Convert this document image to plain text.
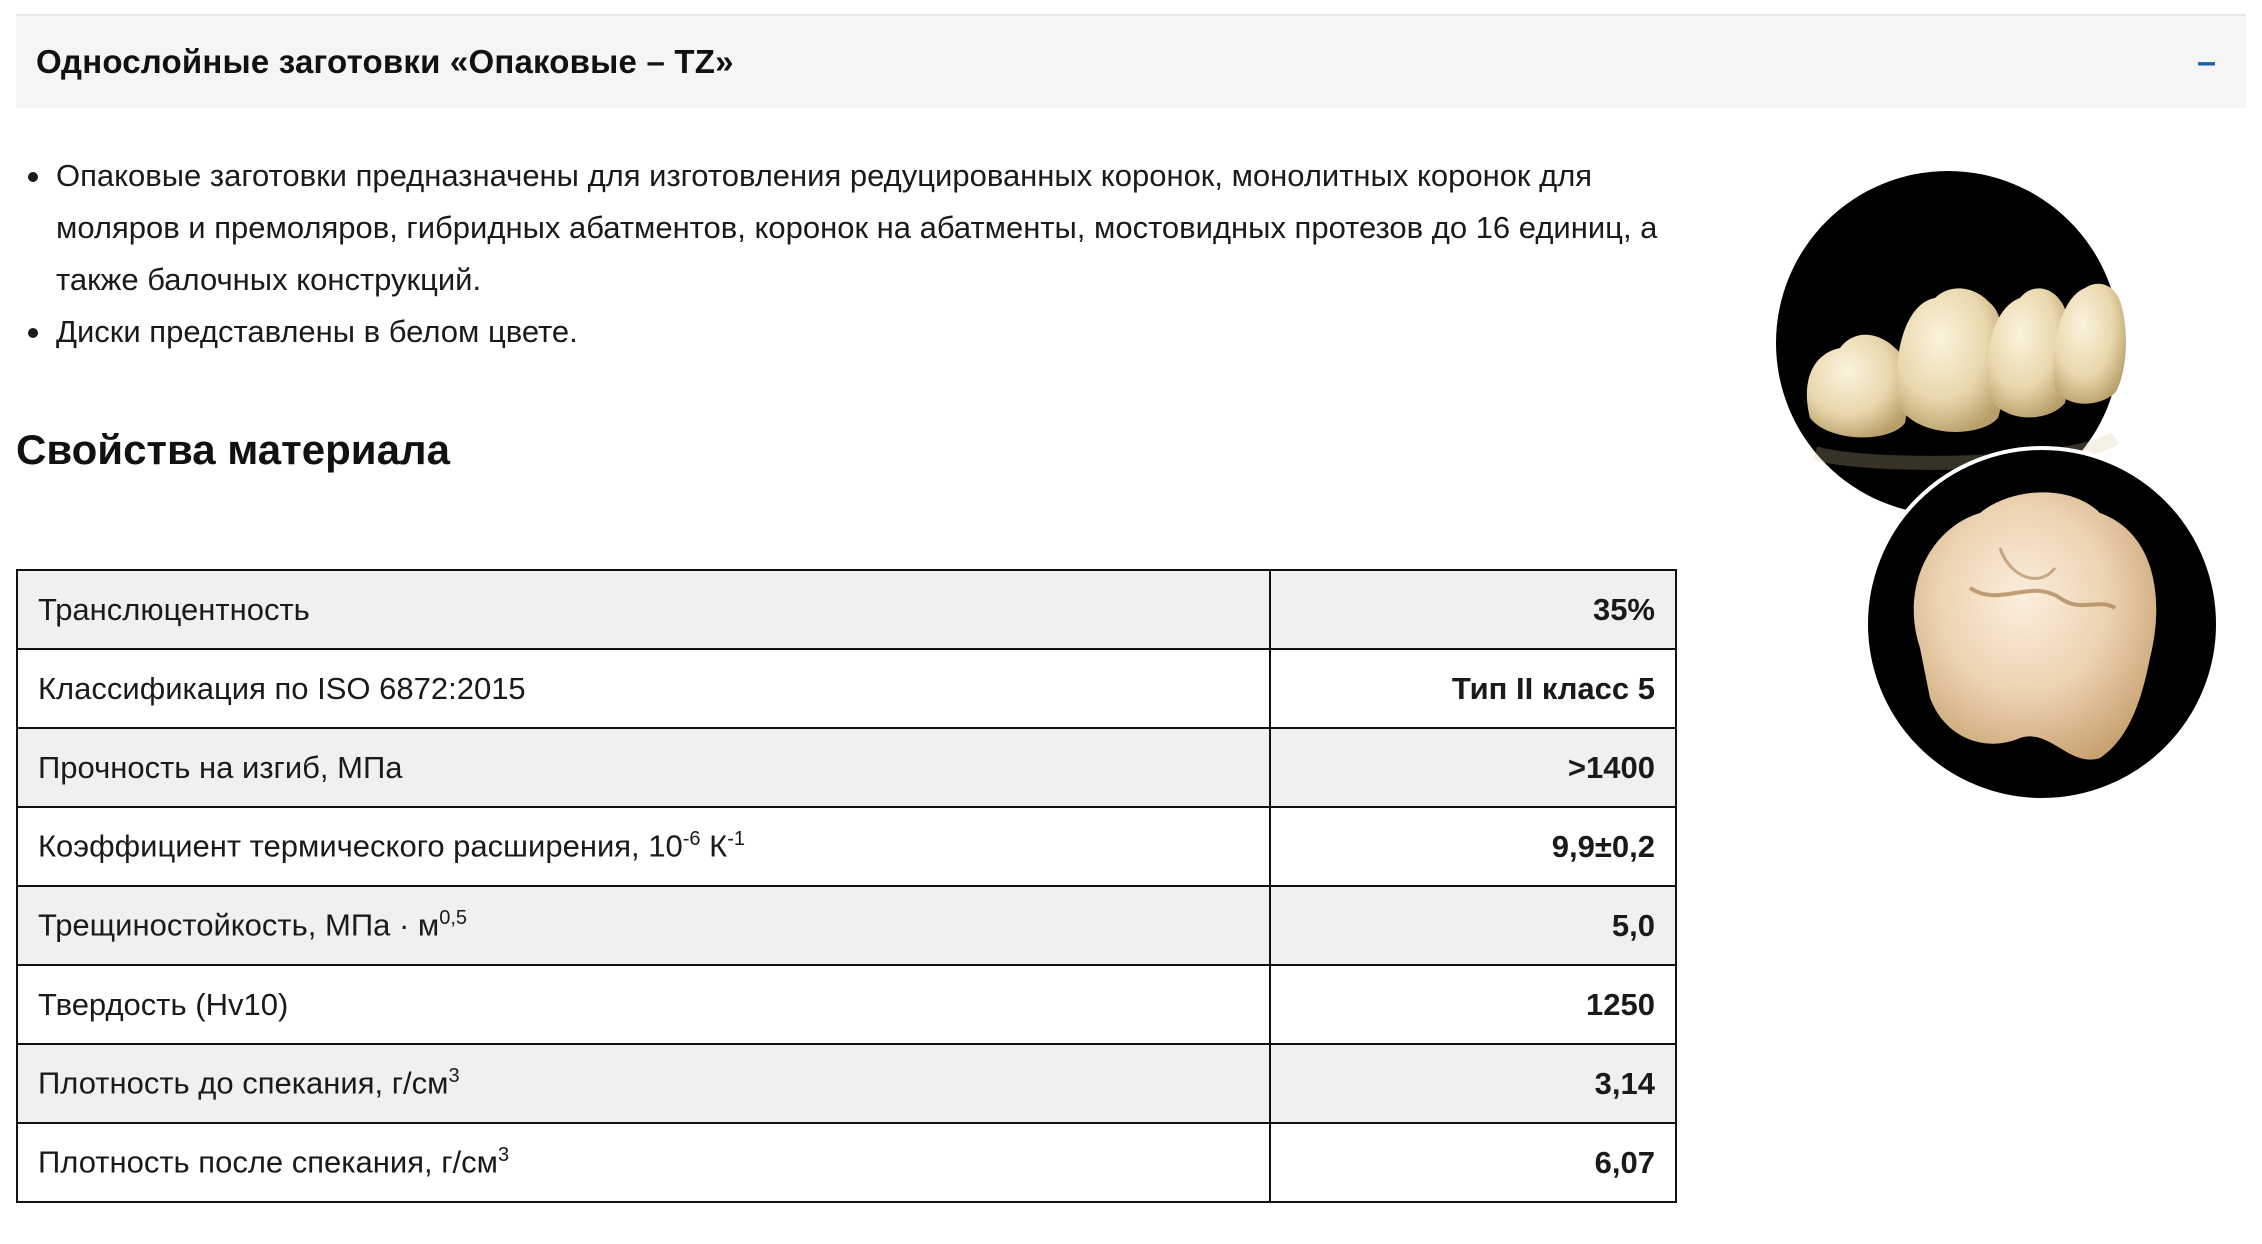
Однослойные заготовки «Опаковые – TZ»	–
Опаковые заготовки предназначены для изготовления редуцированных коронок, монолитных коронок для моляров и премоляров, гибридных абатментов, коронок на абатменты, мостовидных протезов до 16 единиц, а также балочных конструкций.
Диски представлены в белом цвете.
Свойства материала
Транслюцентность	35%
Классификация по ISO 6872:2015	Тип II класс 5
Прочность на изгиб, МПа	>1400
Коэффициент термического расширения, $10^{-6}$ $К^{-1}$	9,9±0,2
Трещиностойкость, МПа · $м^{0,5}$	5,0
Твердость (Hv10)	1250
Плотность до спекания, $г/см^3$	3,14
Плотность после спекания, $г/см^3$	6,07
